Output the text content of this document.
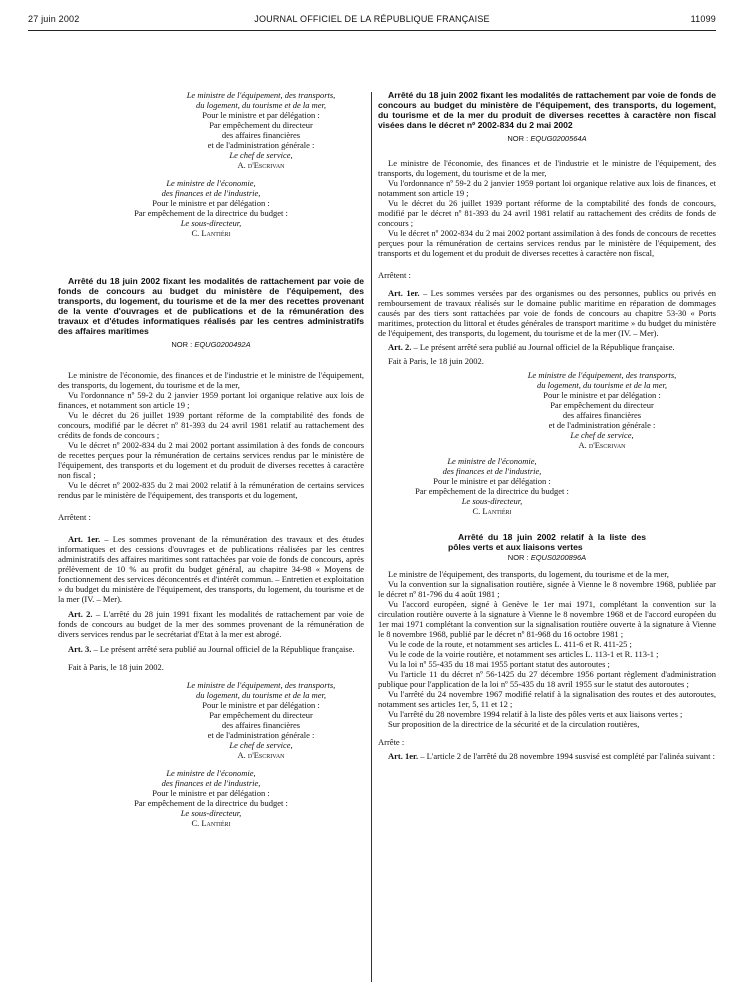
27 juin 2002	JOURNAL OFFICIEL DE LA RÉPUBLIQUE FRANÇAISE	11099
Le ministre de l'équipement, des transports,
du logement, du tourisme et de la mer,
Pour le ministre et par délégation :
Par empêchement du directeur
des affaires financières
et de l'administration générale :
Le chef de service,
A. d'Escrivan
Le ministre de l'économie,
des finances et de l'industrie,
Pour le ministre et par délégation :
Par empêchement de la directrice du budget :
Le sous-directeur,
C. Lantiéri

Arrêté du 18 juin 2002 fixant les modalités de rattachement par voie de fonds de concours au budget du ministère de l'équipement, des transports, du logement, du tourisme et de la mer des recettes provenant de la vente d'ouvrages et de publications et de la rémunération des travaux et d'études informatiques réalisés par les centres administratifs des affaires maritimes

NOR : EQUG0200492A

Le ministre de l'économie, des finances et de l'industrie et le ministre de l'équipement, des transports, du logement, du tourisme et de la mer,

Vu l'ordonnance nº 59-2 du 2 janvier 1959 portant loi organique relative aux lois de finances, et notamment son article 19 ;

Vu le décret du 26 juillet 1939 portant réforme de la comptabilité des fonds de concours, modifié par le décret nº 81-393 du 24 avril 1981 relatif au rattachement des crédits de fonds de concours ;

Vu le décret nº 2002-834 du 2 mai 2002 portant assimilation à des fonds de concours de recettes perçues pour la rémunération de certains services rendus par le ministère de l'équipement, des transports et du logement et du produit de diverses recettes à caractère non fiscal ;

Vu le décret nº 2002-835 du 2 mai 2002 relatif à la rémunération de certains services rendus par le ministère de l'équipement, des transports et du logement,

Arrêtent :

Art. 1er. – Les sommes provenant de la rémunération des travaux et des études informatiques et des cessions d'ouvrages et de publications réalisées par les centres administratifs des affaires maritimes sont rattachées par voie de fonds de concours, après prélèvement de 10 % au profit du budget général, au chapitre 34-98 « Moyens de fonctionnement des services déconcentrés et d'intérêt commun. – Entretien et exploitation » du budget du ministère de l'équipement, des transports, du logement, du tourisme et de la mer (IV. – Mer).

Art. 2. – L'arrêté du 28 juin 1991 fixant les modalités de rattachement par voie de fonds de concours au budget de la mer des sommes provenant de la rémunération de divers services rendus par le secrétariat d'Etat à la mer est abrogé.

Art. 3. – Le présent arrêté sera publié au Journal officiel de la République française.

Fait à Paris, le 18 juin 2002.

Le ministre de l'équipement, des transports,
du logement, du tourisme et de la mer,
Pour le ministre et par délégation :
Par empêchement du directeur
des affaires financières
et de l'administration générale :
Le chef de service,
A. d'Escrivan
Le ministre de l'économie,
des finances et de l'industrie,
Pour le ministre et par délégation :
Par empêchement de la directrice du budget :
Le sous-directeur,
C. Lantiéri

Arrêté du 18 juin 2002 fixant les modalités de rattachement par voie de fonds de concours au budget du ministère de l'équipement, des transports, du logement, du tourisme et de la mer du produit de diverses recettes à caractère non fiscal visées dans le décret nº 2002-834 du 2 mai 2002

NOR : EQUG0200564A

Le ministre de l'économie, des finances et de l'industrie et le ministre de l'équipement, des transports, du logement, du tourisme et de la mer,

Vu l'ordonnance nº 59-2 du 2 janvier 1959 portant loi organique relative aux lois de finances, et notamment son article 19 ;

Vu le décret du 26 juillet 1939 portant réforme de la comptabilité des fonds de concours, modifié par le décret nº 81-393 du 24 avril 1981 relatif au rattachement des crédits de fonds de concours ;

Vu le décret nº 2002-834 du 2 mai 2002 portant assimilation à des fonds de concours de recettes perçues pour la rémunération de certains services rendus par le ministère de l'équipement, des transports et du logement et du produit de diverses recettes à caractère non fiscal,

Arrêtent :

Art. 1er. – Les sommes versées par des organismes ou des personnes, publics ou privés en remboursement de travaux réalisés sur le domaine public maritime en réparation de dommages causés par des tiers sont rattachées par voie de fonds de concours au chapitre 53-30 « Ports maritimes, protection du littoral et études générales de transport maritime » du budget du ministère de l'équipement, des transports, du logement, du tourisme et de la mer (IV. – Mer).

Art. 2. – Le présent arrêté sera publié au Journal officiel de la République française.

Fait à Paris, le 18 juin 2002.

Le ministre de l'équipement, des transports,
du logement, du tourisme et de la mer,
Pour le ministre et par délégation :
Par empêchement du directeur
des affaires financières
et de l'administration générale :
Le chef de service,
A. d'Escrivan
Le ministre de l'économie,
des finances et de l'industrie,
Pour le ministre et par délégation :
Par empêchement de la directrice du budget :
Le sous-directeur,
C. Lantiéri

Arrêté du 18 juin 2002 relatif à la liste des pôles verts et aux liaisons vertes

NOR : EQUS0200896A

Le ministre de l'équipement, des transports, du logement, du tourisme et de la mer,

Vu la convention sur la signalisation routière, signée à Vienne le 8 novembre 1968, publiée par le décret nº 81-796 du 4 août 1981 ;

Vu l'accord européen, signé à Genève le 1er mai 1971, complétant la convention sur la circulation routière ouverte à la signature à Vienne le 8 novembre 1968 et de l'accord européen du 1er mai 1971 complétant la convention sur la signalisation routière ouverte à la signature à Vienne le 8 novembre 1968, publié par le décret nº 81-968 du 16 octobre 1981 ;

Vu le code de la route, et notamment ses articles L. 411-6 et R. 411-25 ;

Vu le code de la voirie routière, et notamment ses articles L. 113-1 et R. 113-1 ;

Vu la loi nº 55-435 du 18 mai 1955 portant statut des autoroutes ;

Vu l'article 11 du décret nº 56-1425 du 27 décembre 1956 portant règlement d'administration publique pour l'application de la loi nº 55-435 du 18 avril 1955 sur le statut des autoroutes ;

Vu l'arrêté du 24 novembre 1967 modifié relatif à la signalisation des routes et des autoroutes, notamment ses articles 1er, 5, 11 et 12 ;

Vu l'arrêté du 28 novembre 1994 relatif à la liste des pôles verts et aux liaisons vertes ;

Sur proposition de la directrice de la sécurité et de la circulation routières,

Arrête :

Art. 1er. – L'article 2 de l'arrêté du 28 novembre 1994 susvisé est complété par l'alinéa suivant :
